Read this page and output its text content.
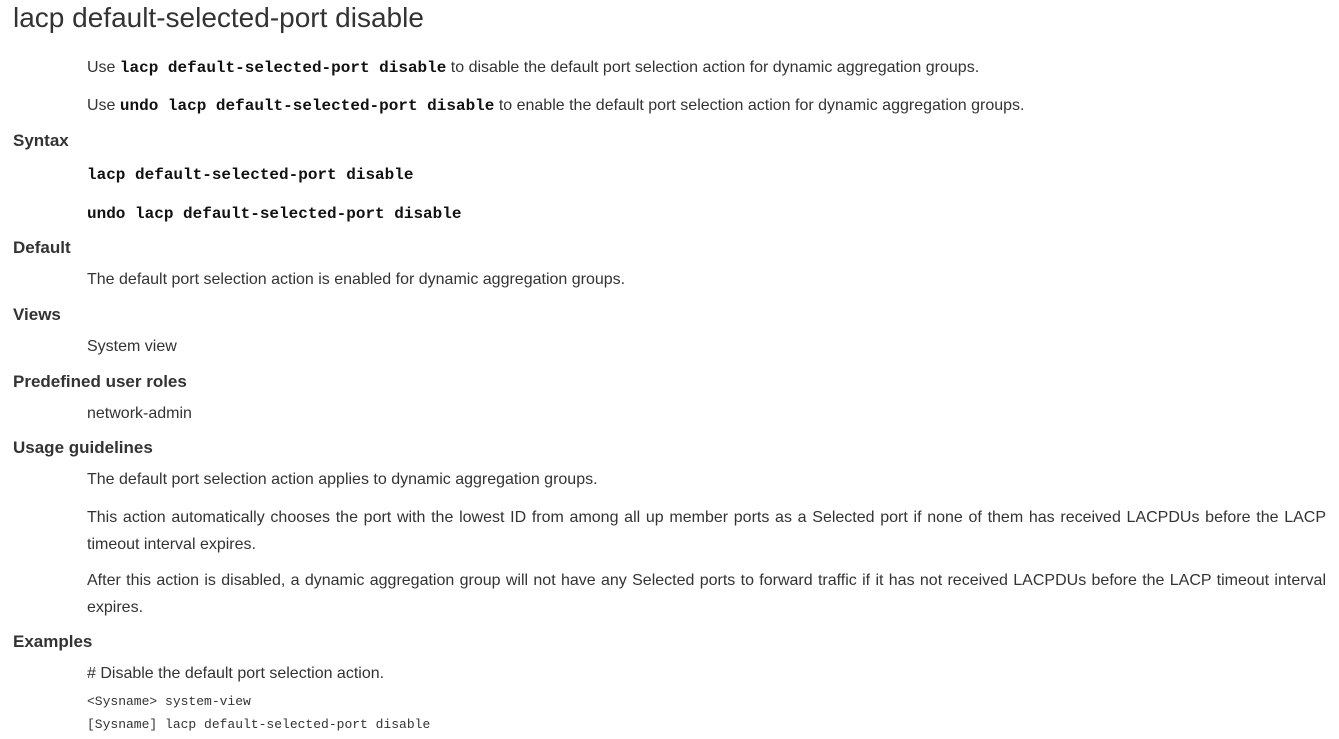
lacp default-selected-port disable
Use lacp default-selected-port disable to disable the default port selection action for dynamic aggregation groups.
Use undo lacp default-selected-port disable to enable the default port selection action for dynamic aggregation groups.
Syntax
lacp default-selected-port disable
undo lacp default-selected-port disable
Default
The default port selection action is enabled for dynamic aggregation groups.
Views
System view
Predefined user roles
network-admin
Usage guidelines
The default port selection action applies to dynamic aggregation groups.
This action automatically chooses the port with the lowest ID from among all up member ports as a Selected port if none of them has received LACPDUs before the LACP timeout interval expires.
After this action is disabled, a dynamic aggregation group will not have any Selected ports to forward traffic if it has not received LACPDUs before the LACP timeout interval expires.
Examples
# Disable the default port selection action.
<Sysname> system-view
[Sysname] lacp default-selected-port disable
